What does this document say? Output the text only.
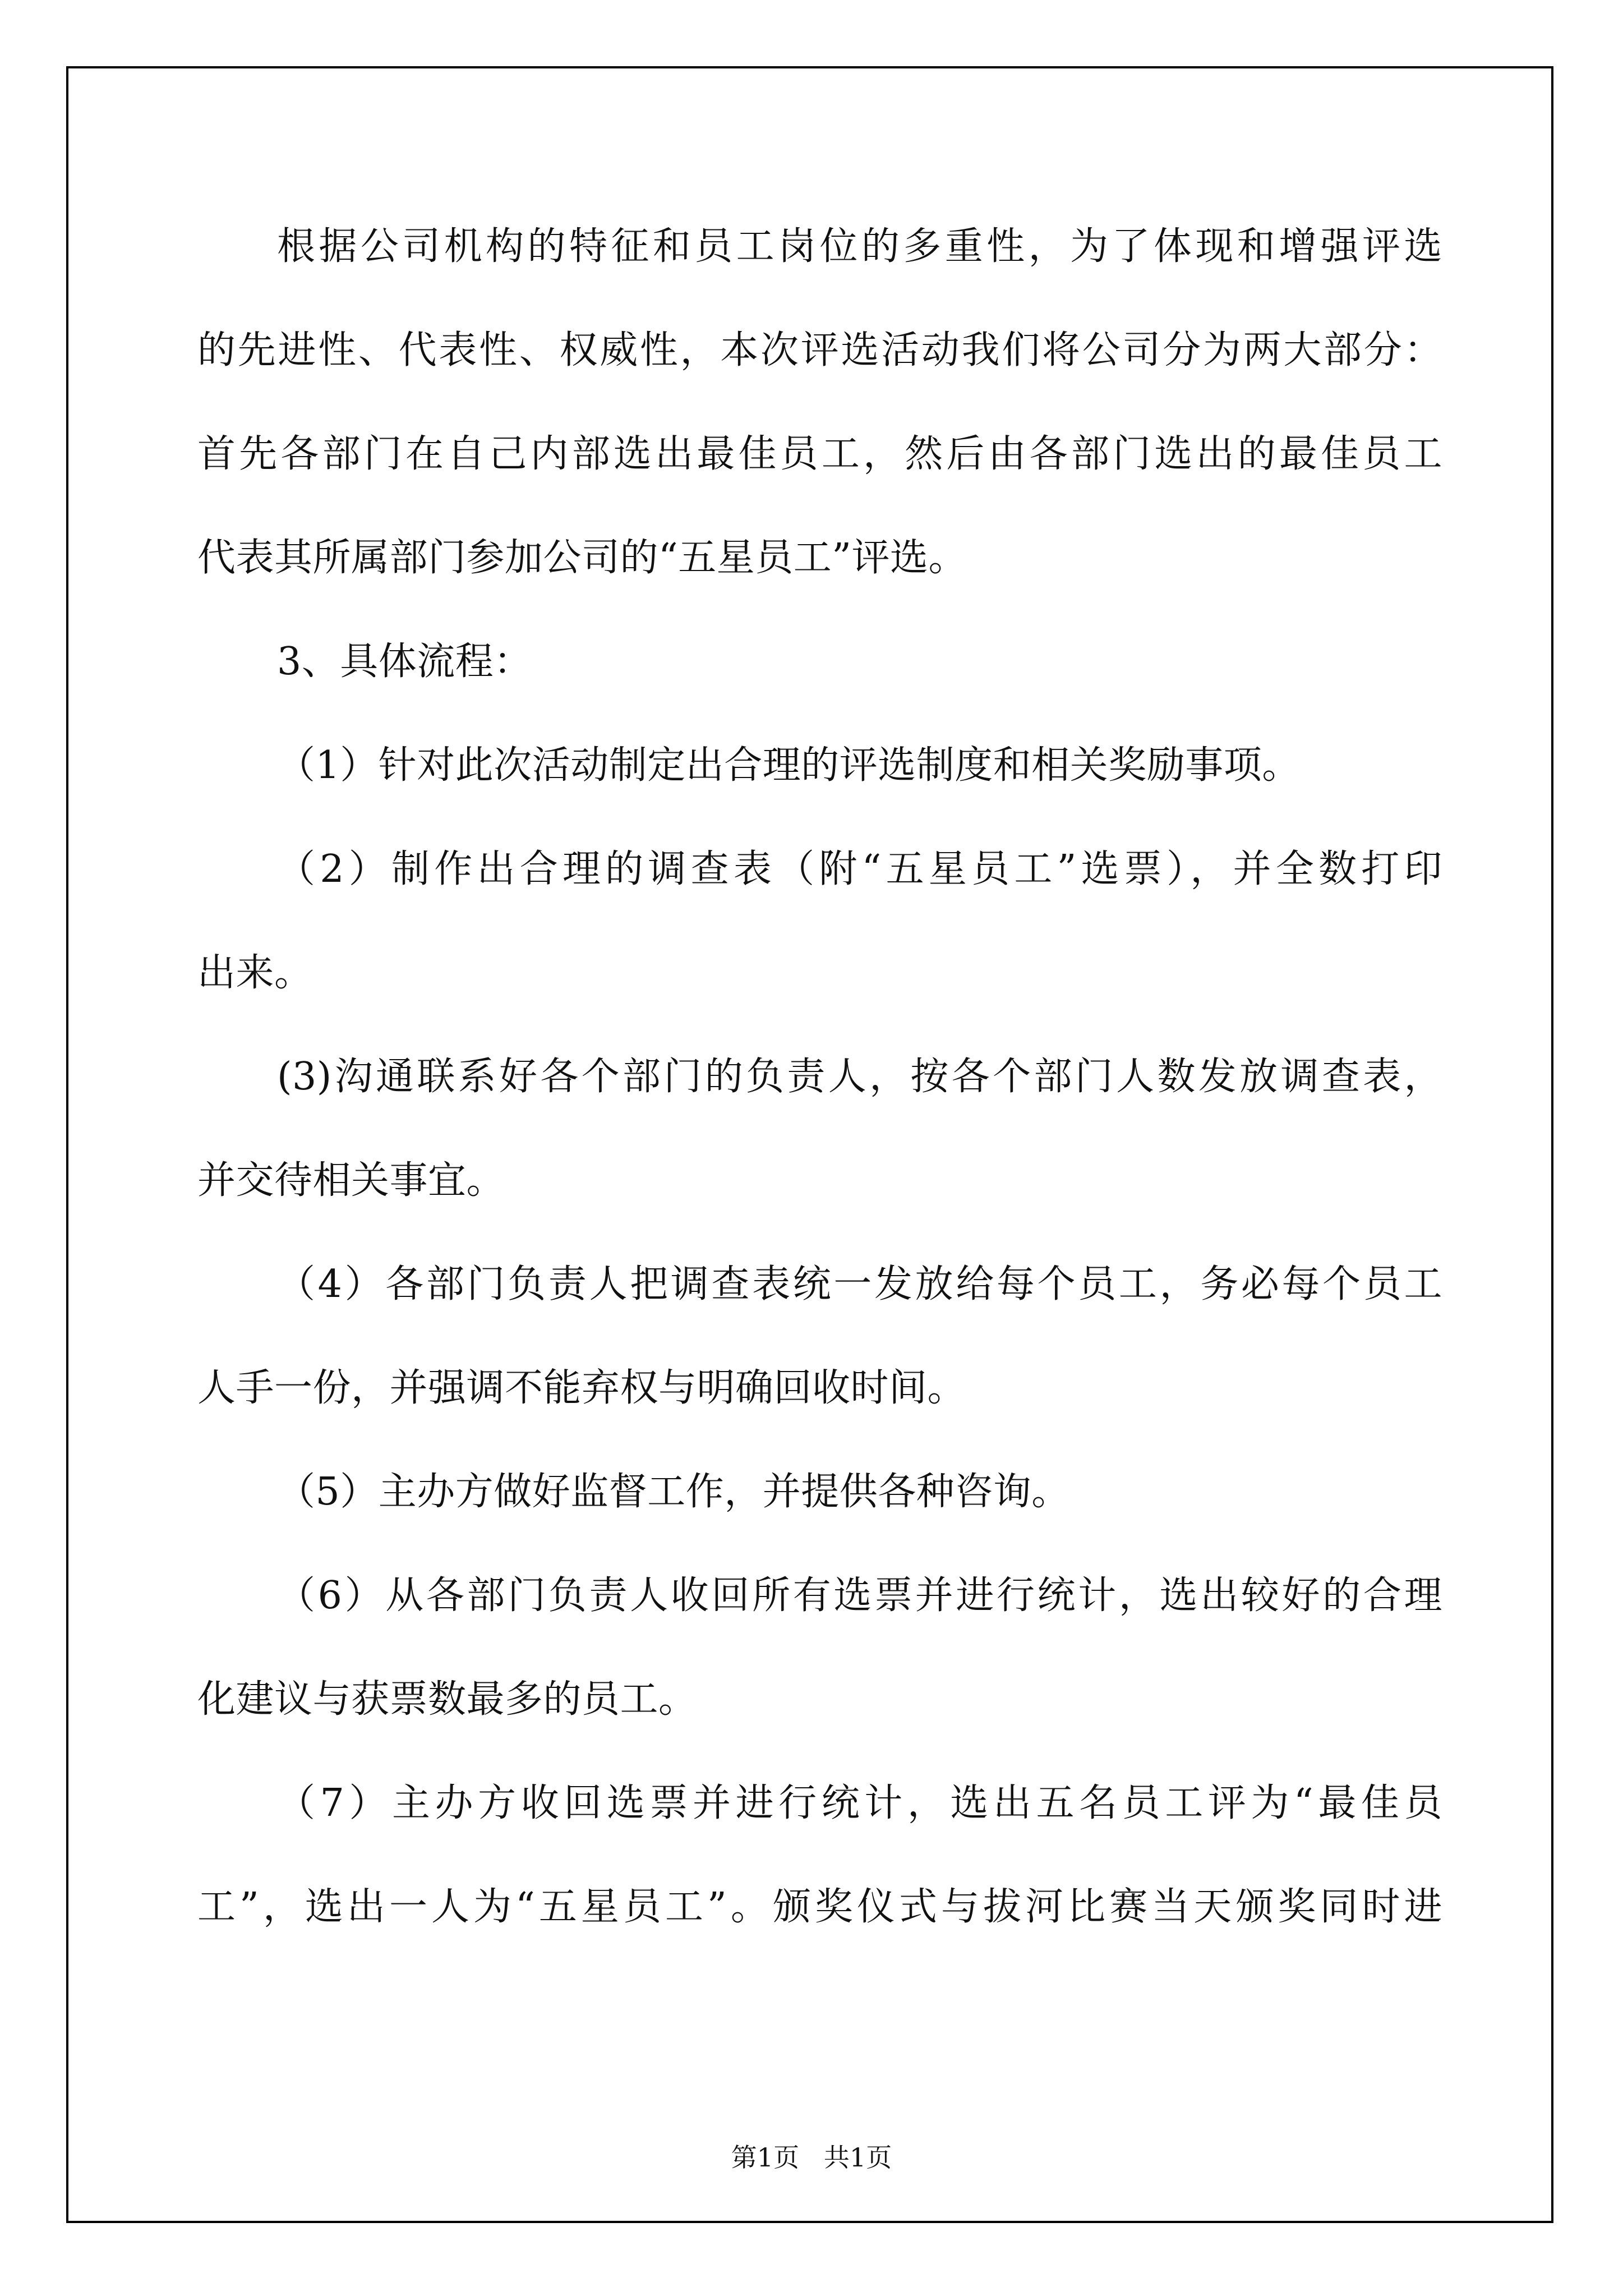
根据公司机构的特征和员工岗位的多重性，为了体现和增强评选
的先进性、代表性、权威性，本次评选活动我们将公司分为两大部分：
首先各部门在自己内部选出最佳员工，然后由各部门选出的最佳员工
代表其所属部门参加公司的“五星员工”评选。
3、具体流程：
（1）针对此次活动制定出合理的评选制度和相关奖励事项。
（2）制作出合理的调查表（附“五星员工”选票），并全数打印
出来。
(3)沟通联系好各个部门的负责人，按各个部门人数发放调查表，
并交待相关事宜。
（4）各部门负责人把调查表统一发放给每个员工，务必每个员工
人手一份，并强调不能弃权与明确回收时间。
（5）主办方做好监督工作，并提供各种咨询。
（6）从各部门负责人收回所有选票并进行统计，选出较好的合理
化建议与获票数最多的员工。
（7）主办方收回选票并进行统计，选出五名员工评为“最佳员
工”，选出一人为“五星员工”。颁奖仪式与拔河比赛当天颁奖同时进
第1页   共1页
